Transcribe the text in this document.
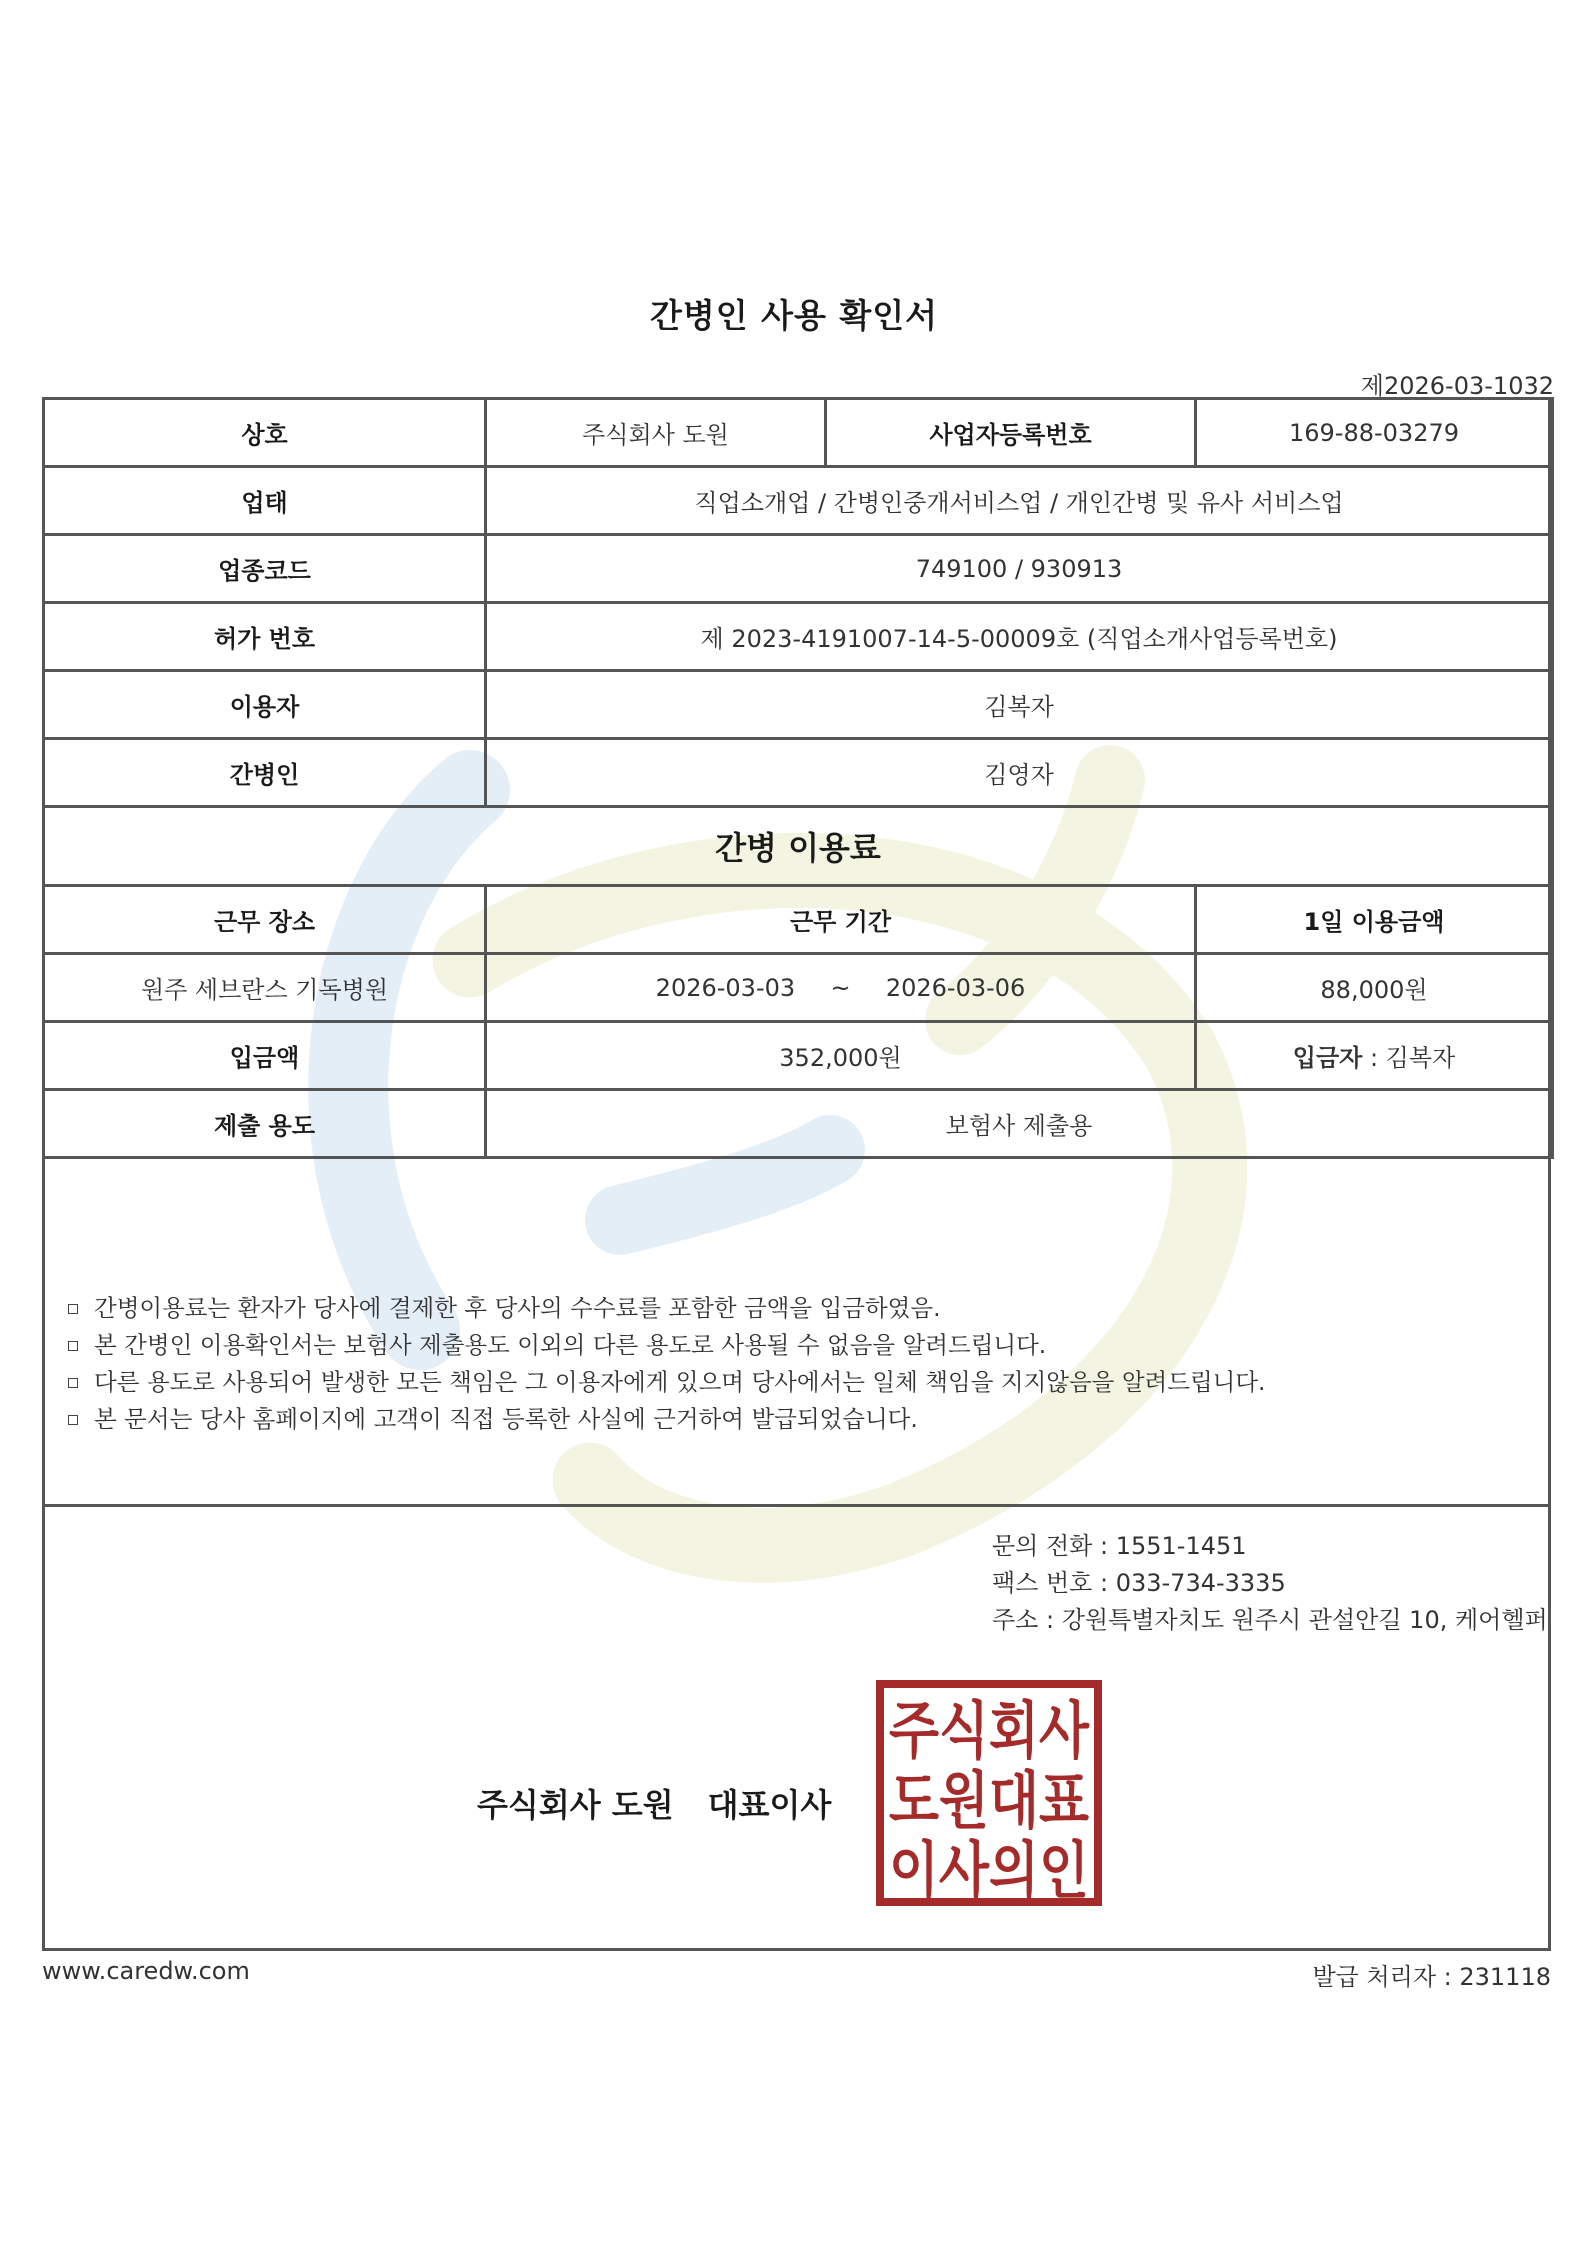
간병인 사용 확인서
제2026-03-1032
상호	주식회사 도원	사업자등록번호	169-88-03279
업태	직업소개업 / 간병인중개서비스업 / 개인간병 및 유사 서비스업		
업종코드	749100 / 930913		
허가 번호	제 2023-4191007-14-5-00009호 (직업소개사업등록번호)		
이용자	김복자		
간병인	김영자		
간병 이용료			
근무 장소	근무 기간		1일 이용금액
원주 세브란스 기독병원	2026-03-03 ~ 2026-03-06		88,000원
입금액	352,000원		입금자 : 김복자
제출 용도	보험사 제출용		
간병이용료는 환자가 당사에 결제한 후 당사의 수수료를 포함한 금액을 입금하였음.
본 간병인 이용확인서는 보험사 제출용도 이외의 다른 용도로 사용될 수 없음을 알려드립니다.
다른 용도로 사용되어 발생한 모든 책임은 그 이용자에게 있으며 당사에서는 일체 책임을 지지않음을 알려드립니다.
본 문서는 당사 홈페이지에 고객이 직접 등록한 사실에 근거하여 발급되었습니다.
문의 전화 : 1551-1451
팩스 번호 : 033-734-3335
주소 : 강원특별자치도 원주시 관설안길 10, 케어헬퍼
주식회사 도원 대표이사
주식회사
도원대표
이사의인
www.caredw.com	발급 처리자 : 231118
